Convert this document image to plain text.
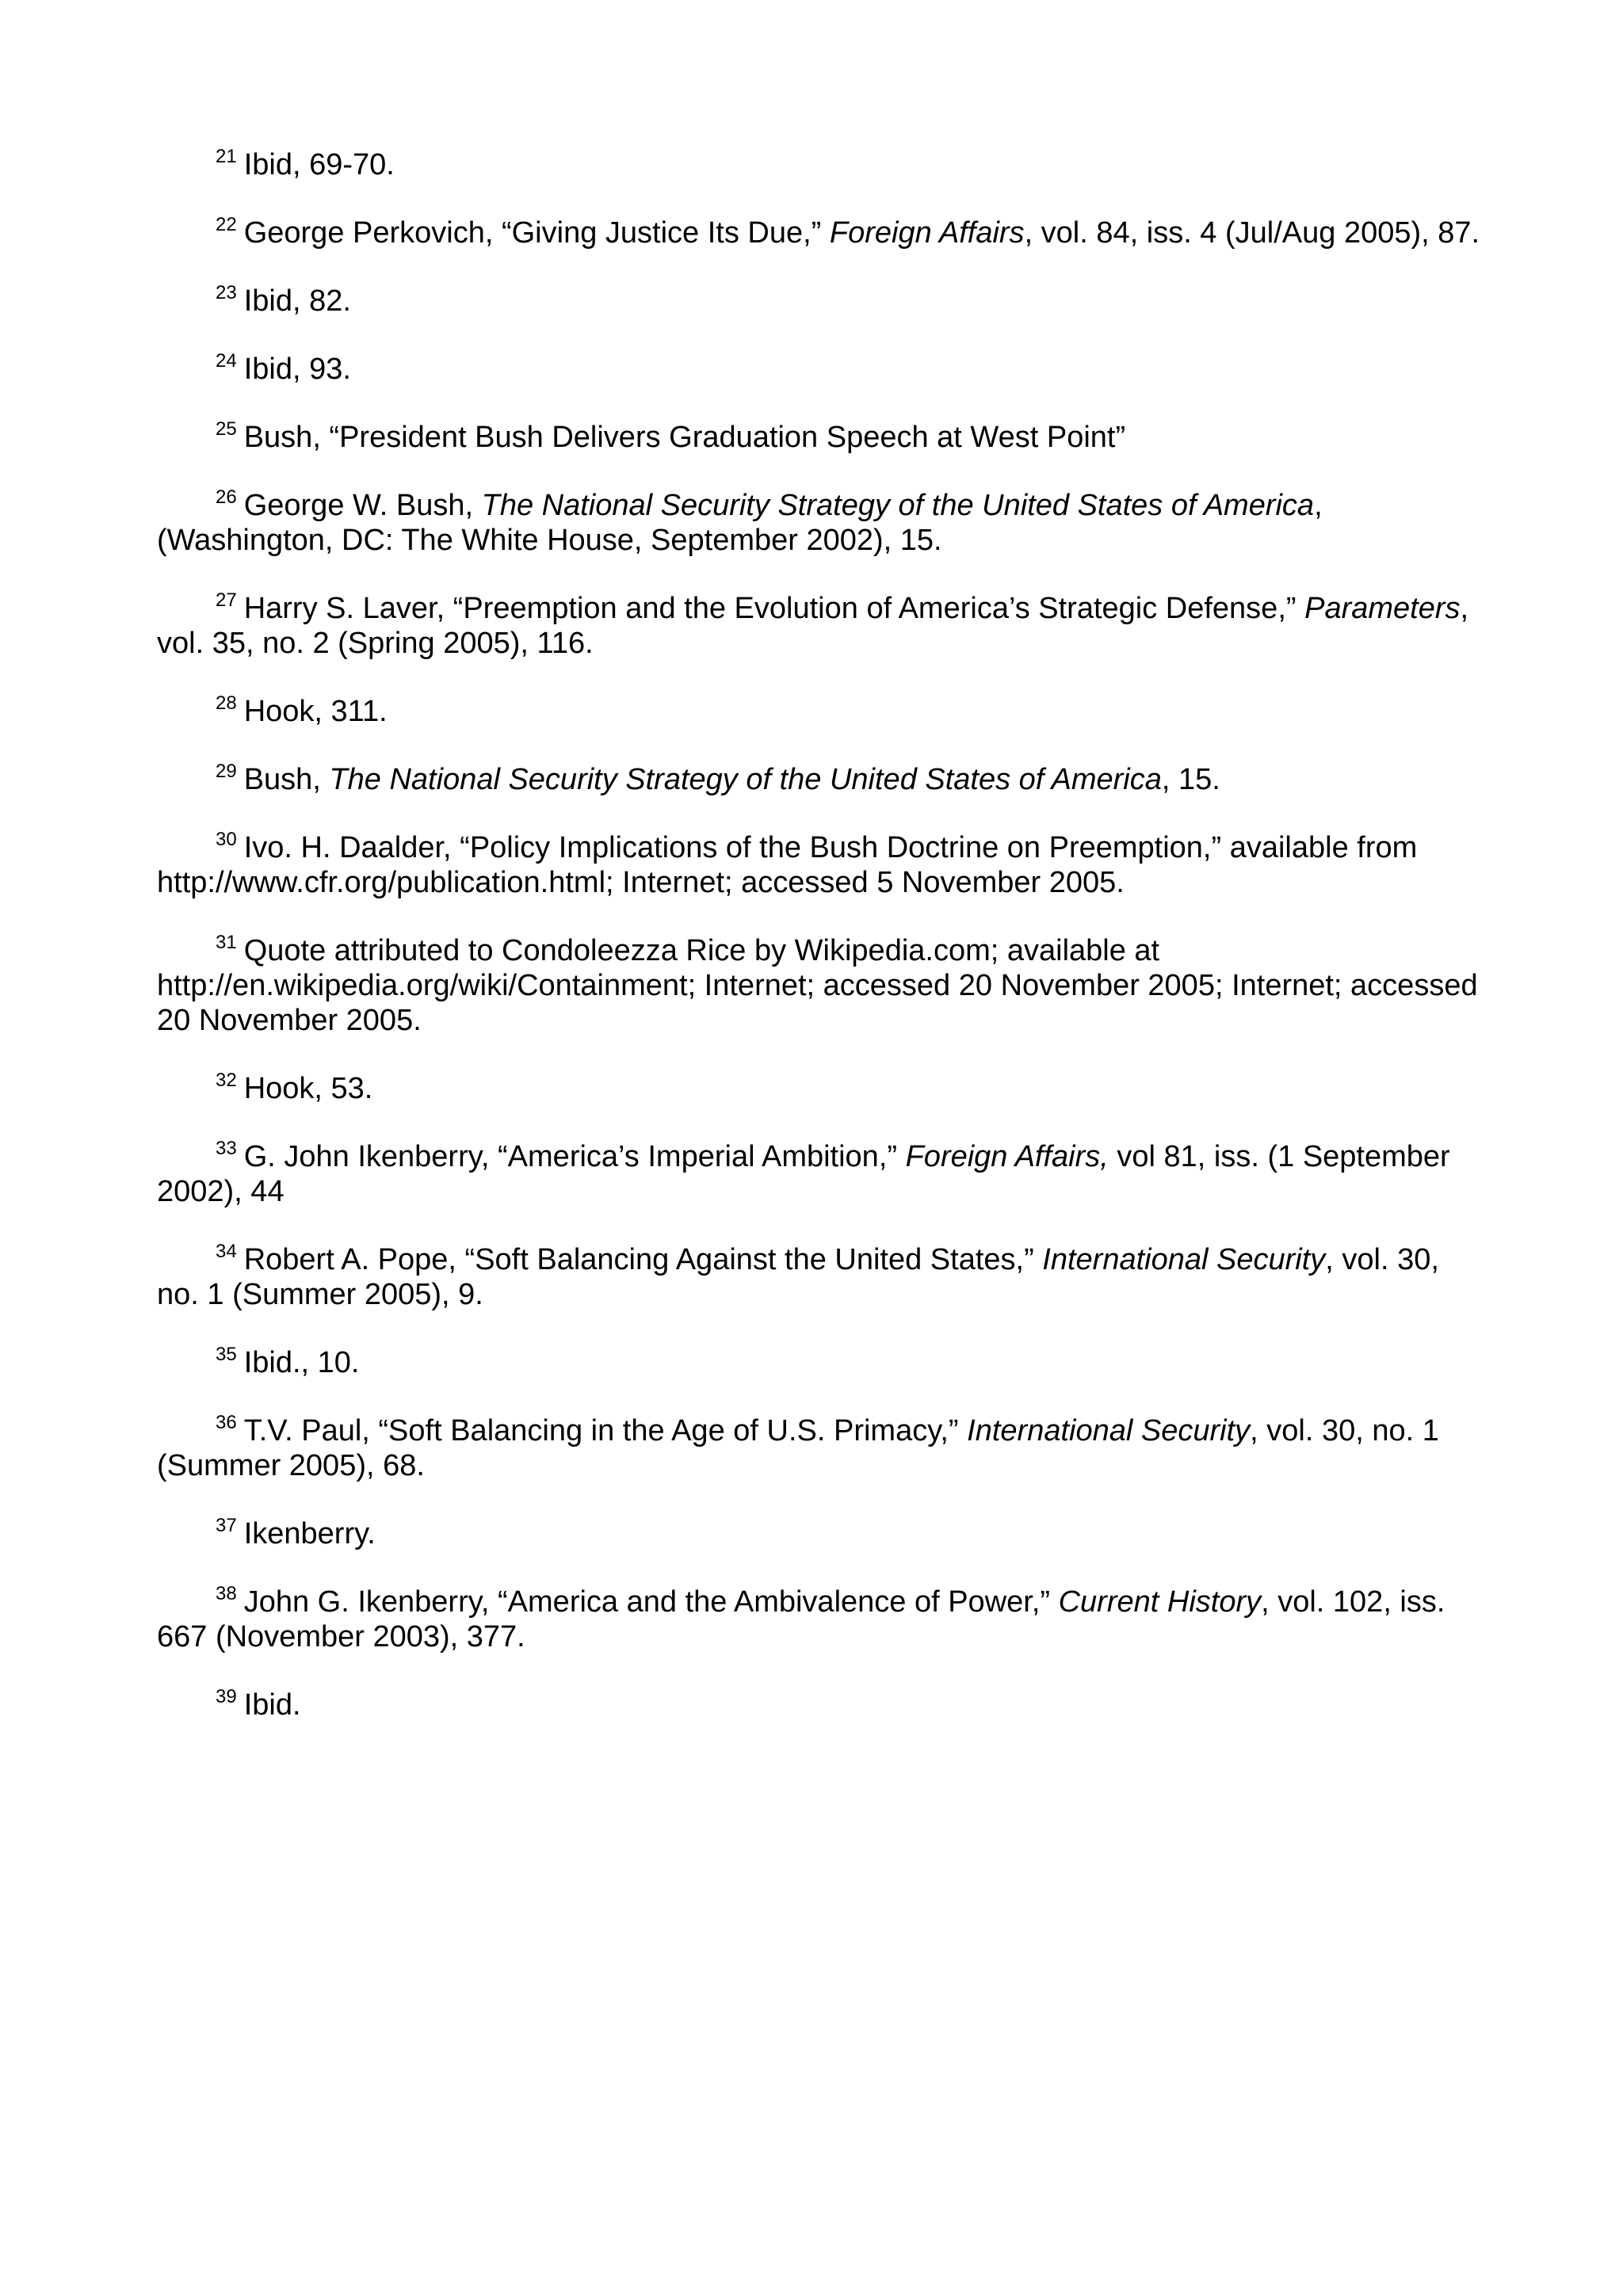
$^{21}$ Ibid, 69-70.

$^{22}$ George Perkovich, “Giving Justice Its Due,” Foreign Affairs, vol. 84, iss. 4 (Jul/Aug 2005), 87.

$^{23}$ Ibid, 82.

$^{24}$ Ibid, 93.

$^{25}$ Bush, “President Bush Delivers Graduation Speech at West Point”

$^{26}$ George W. Bush, The National Security Strategy of the United States of America, (Washington, DC: The White House, September 2002), 15.

$^{27}$ Harry S. Laver, “Preemption and the Evolution of America’s Strategic Defense,” Parameters, vol. 35, no. 2 (Spring 2005), 116.

$^{28}$ Hook, 311.

$^{29}$ Bush, The National Security Strategy of the United States of America, 15.

$^{30}$ Ivo. H. Daalder, “Policy Implications of the Bush Doctrine on Preemption,” available from http://www.cfr.org/publication.html; Internet; accessed 5 November 2005.

$^{31}$ Quote attributed to Condoleezza Rice by Wikipedia.com; available at http://en.wikipedia.org/wiki/Containment; Internet; accessed 20 November 2005; Internet; accessed 20 November 2005.

$^{32}$ Hook, 53.

$^{33}$ G. John Ikenberry, “America’s Imperial Ambition,” Foreign Affairs, vol 81, iss. (1 September 2002), 44

$^{34}$ Robert A. Pope, “Soft Balancing Against the United States,” International Security, vol. 30, no. 1 (Summer 2005), 9.

$^{35}$ Ibid., 10.

$^{36}$ T.V. Paul, “Soft Balancing in the Age of U.S. Primacy,” International Security, vol. 30, no. 1 (Summer 2005), 68.

$^{37}$ Ikenberry.

$^{38}$ John G. Ikenberry, “America and the Ambivalence of Power,” Current History, vol. 102, iss. 667 (November 2003), 377.

$^{39}$ Ibid.
